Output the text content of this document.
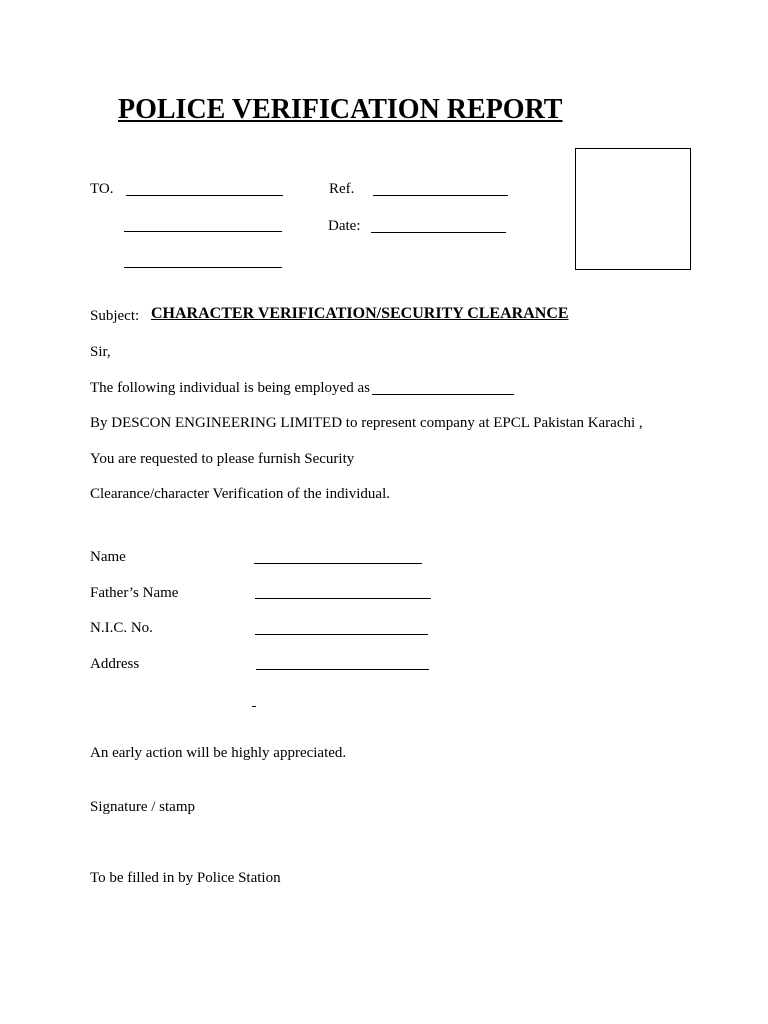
POLICE VERIFICATION REPORT
TO.	Ref.
Date:
Subject: CHARACTER VERIFICATION/SECURITY CLEARANCE
Sir,
The following individual is being employed as
By DESCON ENGINEERING LIMITED to represent company at EPCL Pakistan Karachi ,
You are requested to please furnish Security
Clearance/character Verification of the individual.
Name
Father’s Name
N.I.C. No.
Address
An early action will be highly appreciated.
Signature / stamp
To be filled in by Police Station
